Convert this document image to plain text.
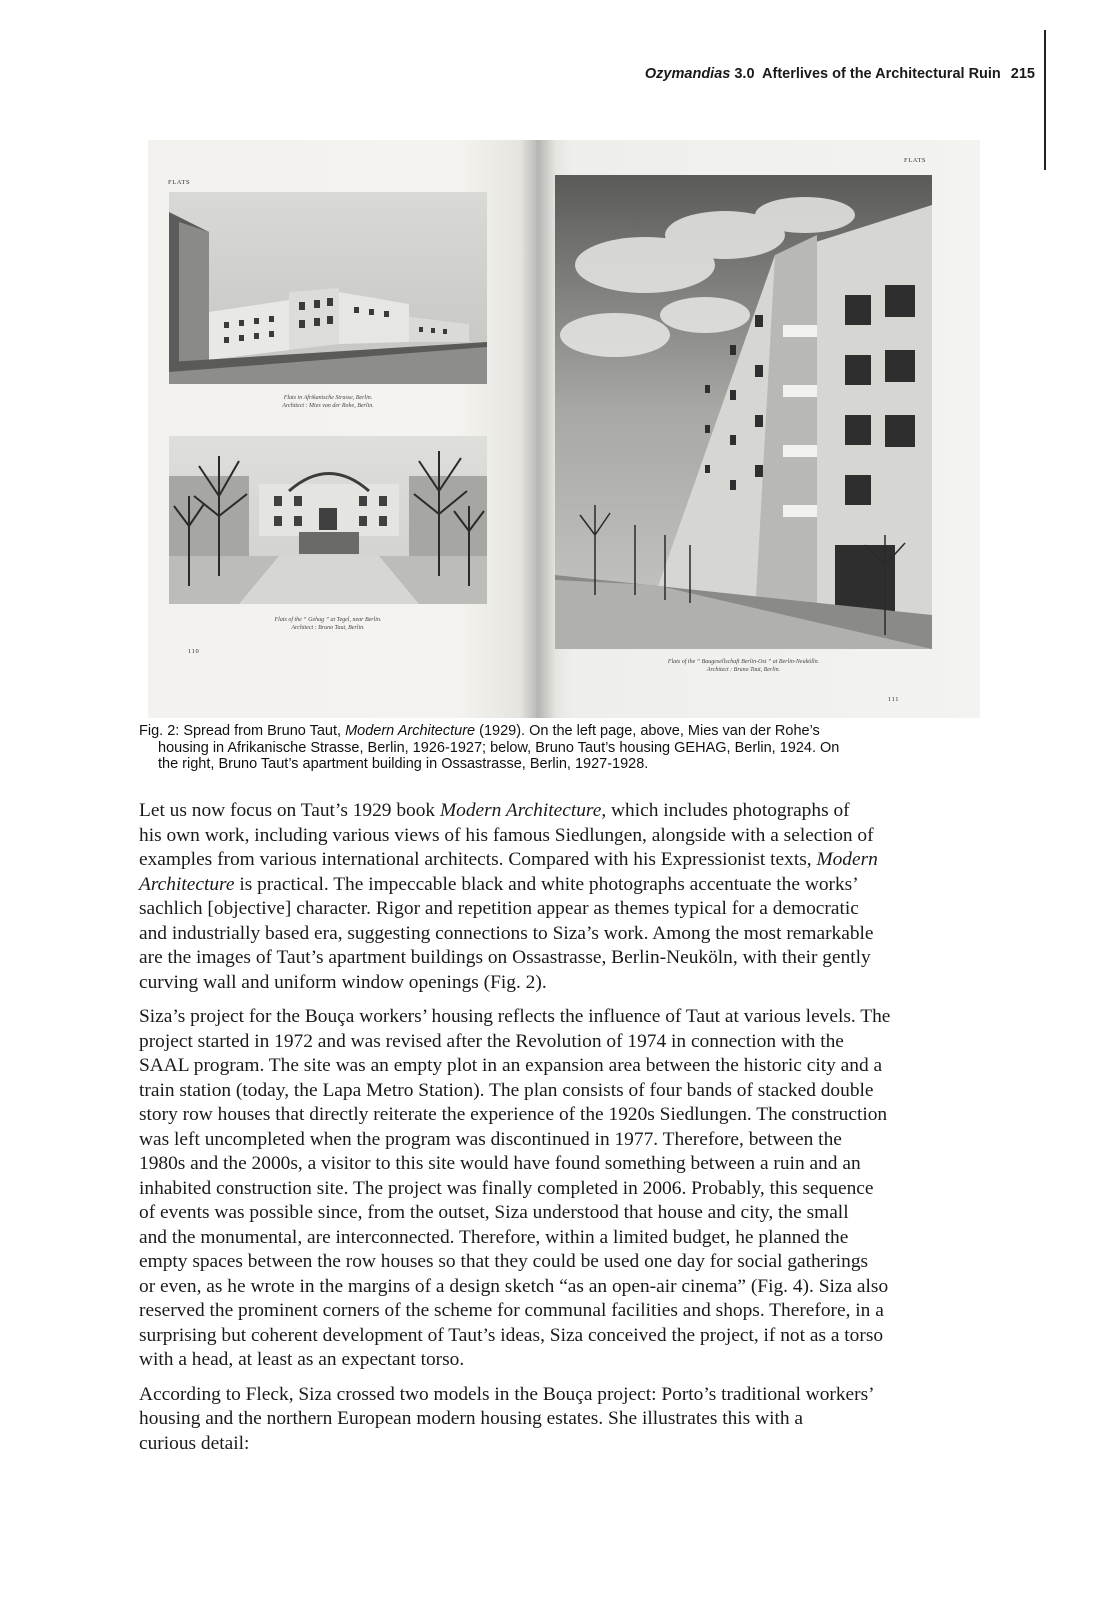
Ozymandias 3.0  Afterlives of the Architectural Ruin 215
FLATS
FLATS
Flats in Afrikanische Strasse, Berlin.
Architect : Mies van der Rohe, Berlin.
Flats of the “ Gehag ” at Tegel, near Berlin.
Architect : Bruno Taut, Berlin.
110
Flats of the “ Baugesellschaft Berlin-Ost ” at Berlin-Neukölln.
Architect : Bruno Taut, Berlin.
111
Fig. 2: Spread from Bruno Taut, Modern Architecture (1929). On the left page, above, Mies van der Rohe’s
housing in Afrikanische Strasse, Berlin, 1926-1927; below, Bruno Taut’s housing GEHAG, Berlin, 1924. On
the right, Bruno Taut’s apartment building in Ossastrasse, Berlin, 1927-1928.

Let us now focus on Taut’s 1929 book Modern Architecture, which includes photographs of
his own work, including various views of his famous Siedlungen, alongside with a selection of
examples from various international architects. Compared with his Expressionist texts, Modern
Architecture is practical. The impeccable black and white photographs accentuate the works’
sachlich [objective] character. Rigor and repetition appear as themes typical for a democratic
and industrially based era, suggesting connections to Siza’s work. Among the most remarkable
are the images of Taut’s apartment buildings on Ossastrasse, Berlin-Neuköln, with their gently
curving wall and uniform window openings (Fig. 2).

Siza’s project for the Bouça workers’ housing reflects the influence of Taut at various levels. The
project started in 1972 and was revised after the Revolution of 1974 in connection with the
SAAL program. The site was an empty plot in an expansion area between the historic city and a
train station (today, the Lapa Metro Station). The plan consists of four bands of stacked double
story row houses that directly reiterate the experience of the 1920s Siedlungen. The construction
was left uncompleted when the program was discontinued in 1977. Therefore, between the
1980s and the 2000s, a visitor to this site would have found something between a ruin and an
inhabited construction site. The project was finally completed in 2006. Probably, this sequence
of events was possible since, from the outset, Siza understood that house and city, the small
and the monumental, are interconnected. Therefore, within a limited budget, he planned the
empty spaces between the row houses so that they could be used one day for social gatherings
or even, as he wrote in the margins of a design sketch “as an open-air cinema” (Fig. 4). Siza also
reserved the prominent corners of the scheme for communal facilities and shops. Therefore, in a
surprising but coherent development of Taut’s ideas, Siza conceived the project, if not as a torso
with a head, at least as an expectant torso.

According to Fleck, Siza crossed two models in the Bouça project: Porto’s traditional workers’
housing and the northern European modern housing estates. She illustrates this with a
curious detail:
